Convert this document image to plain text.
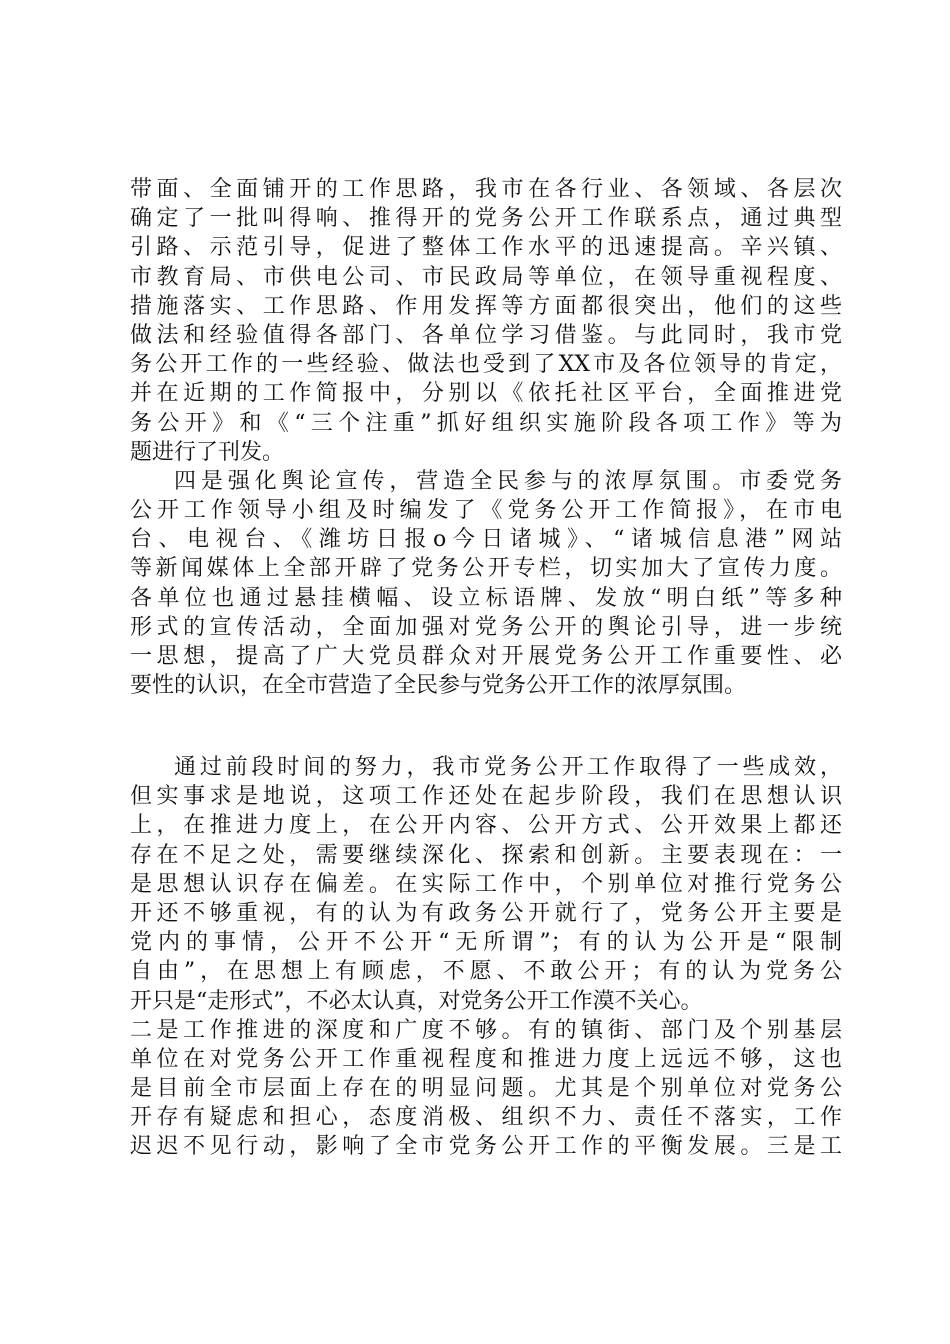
带面、全面铺开的工作思路，我市在各行业、各领域、各层次
确定了一批叫得响、推得开的党务公开工作联系点，通过典型
引路、示范引导，促进了整体工作水平的迅速提高。辛兴镇、
市教育局、市供电公司、市民政局等单位，在领导重视程度、
措施落实、工作思路、作用发挥等方面都很突出，他们的这些
做法和经验值得各部门、各单位学习借鉴。与此同时，我市党
务公开工作的一些经验、做法也受到了XX市及各位领导的肯定，
并在近期的工作简报中，分别以《依托社区平台，全面推进党
务公开》和《“三个注重”抓好组织实施阶段各项工作》等为
题进行了刊发。
四是强化舆论宣传，营造全民参与的浓厚氛围。市委党务
公开工作领导小组及时编发了《党务公开工作简报》，在市电
台、电视台、《潍坊日报o今日诸城》、“诸城信息港”网站
等新闻媒体上全部开辟了党务公开专栏，切实加大了宣传力度。
各单位也通过悬挂横幅、设立标语牌、发放“明白纸”等多种
形式的宣传活动，全面加强对党务公开的舆论引导，进一步统
一思想，提高了广大党员群众对开展党务公开工作重要性、必
要性的认识，在全市营造了全民参与党务公开工作的浓厚氛围。
通过前段时间的努力，我市党务公开工作取得了一些成效，
但实事求是地说，这项工作还处在起步阶段，我们在思想认识
上，在推进力度上，在公开内容、公开方式、公开效果上都还
存在不足之处，需要继续深化、探索和创新。主要表现在：一
是思想认识存在偏差。在实际工作中，个别单位对推行党务公
开还不够重视，有的认为有政务公开就行了，党务公开主要是
党内的事情，公开不公开“无所谓”；有的认为公开是“限制
自由”，在思想上有顾虑，不愿、不敢公开；有的认为党务公
开只是“走形式”，不必太认真，对党务公开工作漠不关心。
二是工作推进的深度和广度不够。有的镇街、部门及个别基层
单位在对党务公开工作重视程度和推进力度上远远不够，这也
是目前全市层面上存在的明显问题。尤其是个别单位对党务公
开存有疑虑和担心，态度消极、组织不力、责任不落实，工作
迟迟不见行动，影响了全市党务公开工作的平衡发展。三是工
